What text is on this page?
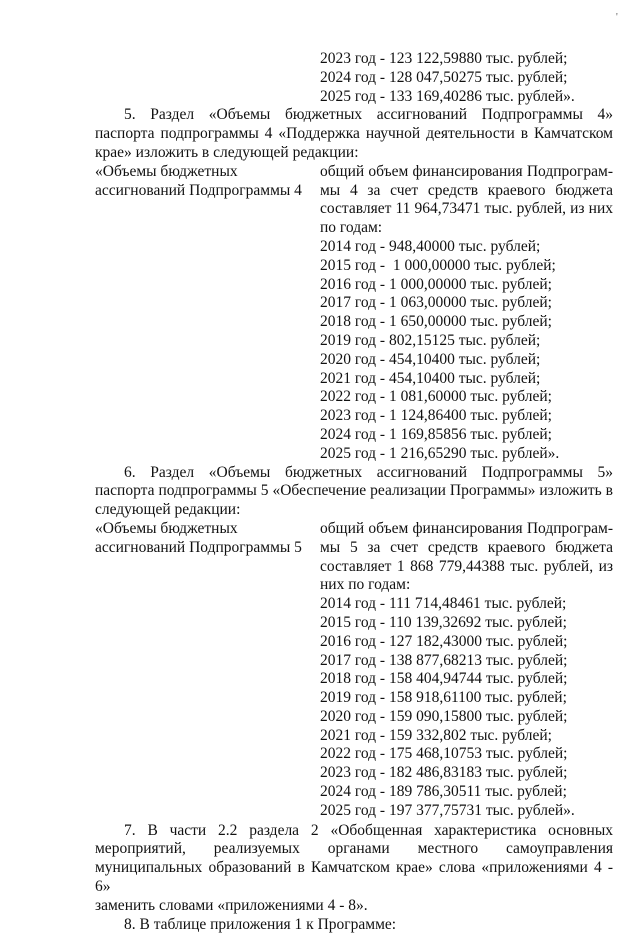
'
2023 год - 123 122,59880 тыс. рублей;
2024 год - 128 047,50275 тыс. рублей;
2025 год - 133 169,40286 тыс. рублей».
5. Раздел «Объемы бюджетных ассигнований Подпрограммы 4»
паспорта подпрограммы 4 «Поддержка научной деятельности в Камчатском
крае» изложить в следующей редакции:
«Объемы бюджетных
ассигнований Подпрограммы 4
общий объем финансирования Подпрограм-
мы 4 за счет средств краевого бюджета
составляет 11 964,73471 тыс. рублей, из них
по годам:
2014 год - 948,40000 тыс. рублей;
2015 год -  1 000,00000 тыс. рублей;
2016 год - 1 000,00000 тыс. рублей;
2017 год - 1 063,00000 тыс. рублей;
2018 год - 1 650,00000 тыс. рублей;
2019 год - 802,15125 тыс. рублей;
2020 год - 454,10400 тыс. рублей;
2021 год - 454,10400 тыс. рублей;
2022 год - 1 081,60000 тыс. рублей;
2023 год - 1 124,86400 тыс. рублей;
2024 год - 1 169,85856 тыс. рублей;
2025 год - 1 216,65290 тыс. рублей».
6. Раздел «Объемы бюджетных ассигнований Подпрограммы 5»
паспорта подпрограммы 5 «Обеспечение реализации Программы» изложить в
следующей редакции:
«Объемы бюджетных
ассигнований Подпрограммы 5
общий объем финансирования Подпрограм-
мы 5 за счет средств краевого бюджета
составляет 1 868 779,44388 тыс. рублей, из
них по годам:
2014 год - 111 714,48461 тыс. рублей;
2015 год - 110 139,32692 тыс. рублей;
2016 год - 127 182,43000 тыс. рублей;
2017 год - 138 877,68213 тыс. рублей;
2018 год - 158 404,94744 тыс. рублей;
2019 год - 158 918,61100 тыс. рублей;
2020 год - 159 090,15800 тыс. рублей;
2021 год - 159 332,802 тыс. рублей;
2022 год - 175 468,10753 тыс. рублей;
2023 год - 182 486,83183 тыс. рублей;
2024 год - 189 786,30511 тыс. рублей;
2025 год - 197 377,75731 тыс. рублей».
7. В части 2.2 раздела 2 «Обобщенная характеристика основных
мероприятий, реализуемых органами местного самоуправления
муниципальных образований в Камчатском крае» слова «приложениями 4 - 6»
заменить словами «приложениями 4 - 8».
8. В таблице приложения 1 к Программе:
